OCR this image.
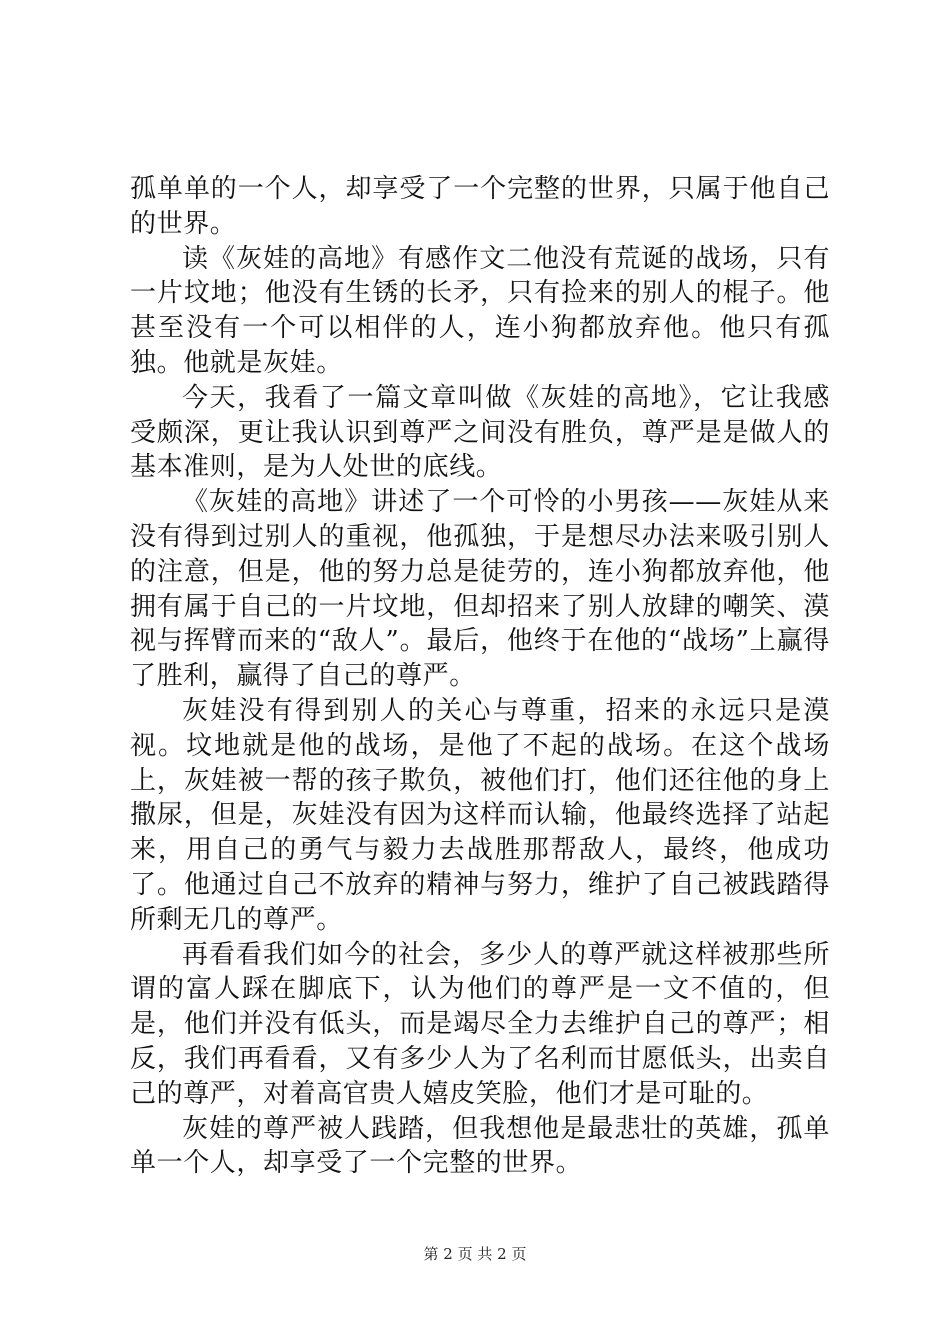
孤单单的一个人，却享受了一个完整的世界，只属于他自己的世界。

读《灰娃的高地》有感作文二他没有荒诞的战场，只有一片坟地；他没有生锈的长矛，只有捡来的别人的棍子。他甚至没有一个可以相伴的人，连小狗都放弃他。他只有孤独。他就是灰娃。

今天，我看了一篇文章叫做《灰娃的高地》，它让我感受颇深，更让我认识到尊严之间没有胜负，尊严是是做人的基本准则，是为人处世的底线。

《灰娃的高地》讲述了一个可怜的小男孩——灰娃从来没有得到过别人的重视，他孤独，于是想尽办法来吸引别人的注意，但是，他的努力总是徒劳的，连小狗都放弃他，他拥有属于自己的一片坟地，但却招来了别人放肆的嘲笑、漠视与挥臂而来的“敌人”。最后，他终于在他的“战场”上赢得了胜利，赢得了自己的尊严。

灰娃没有得到别人的关心与尊重，招来的永远只是漠视。坟地就是他的战场，是他了不起的战场。在这个战场上，灰娃被一帮的孩子欺负，被他们打，他们还往他的身上撒尿，但是，灰娃没有因为这样而认输，他最终选择了站起来，用自己的勇气与毅力去战胜那帮敌人，最终，他成功了。他通过自己不放弃的精神与努力，维护了自己被践踏得所剩无几的尊严。

再看看我们如今的社会，多少人的尊严就这样被那些所谓的富人踩在脚底下，认为他们的尊严是一文不值的，但是，他们并没有低头，而是竭尽全力去维护自己的尊严；相反，我们再看看，又有多少人为了名利而甘愿低头，出卖自己的尊严，对着高官贵人嬉皮笑脸，他们才是可耻的。

灰娃的尊严被人践踏，但我想他是最悲壮的英雄，孤单单一个人，却享受了一个完整的世界。

第 2 页 共 2 页
